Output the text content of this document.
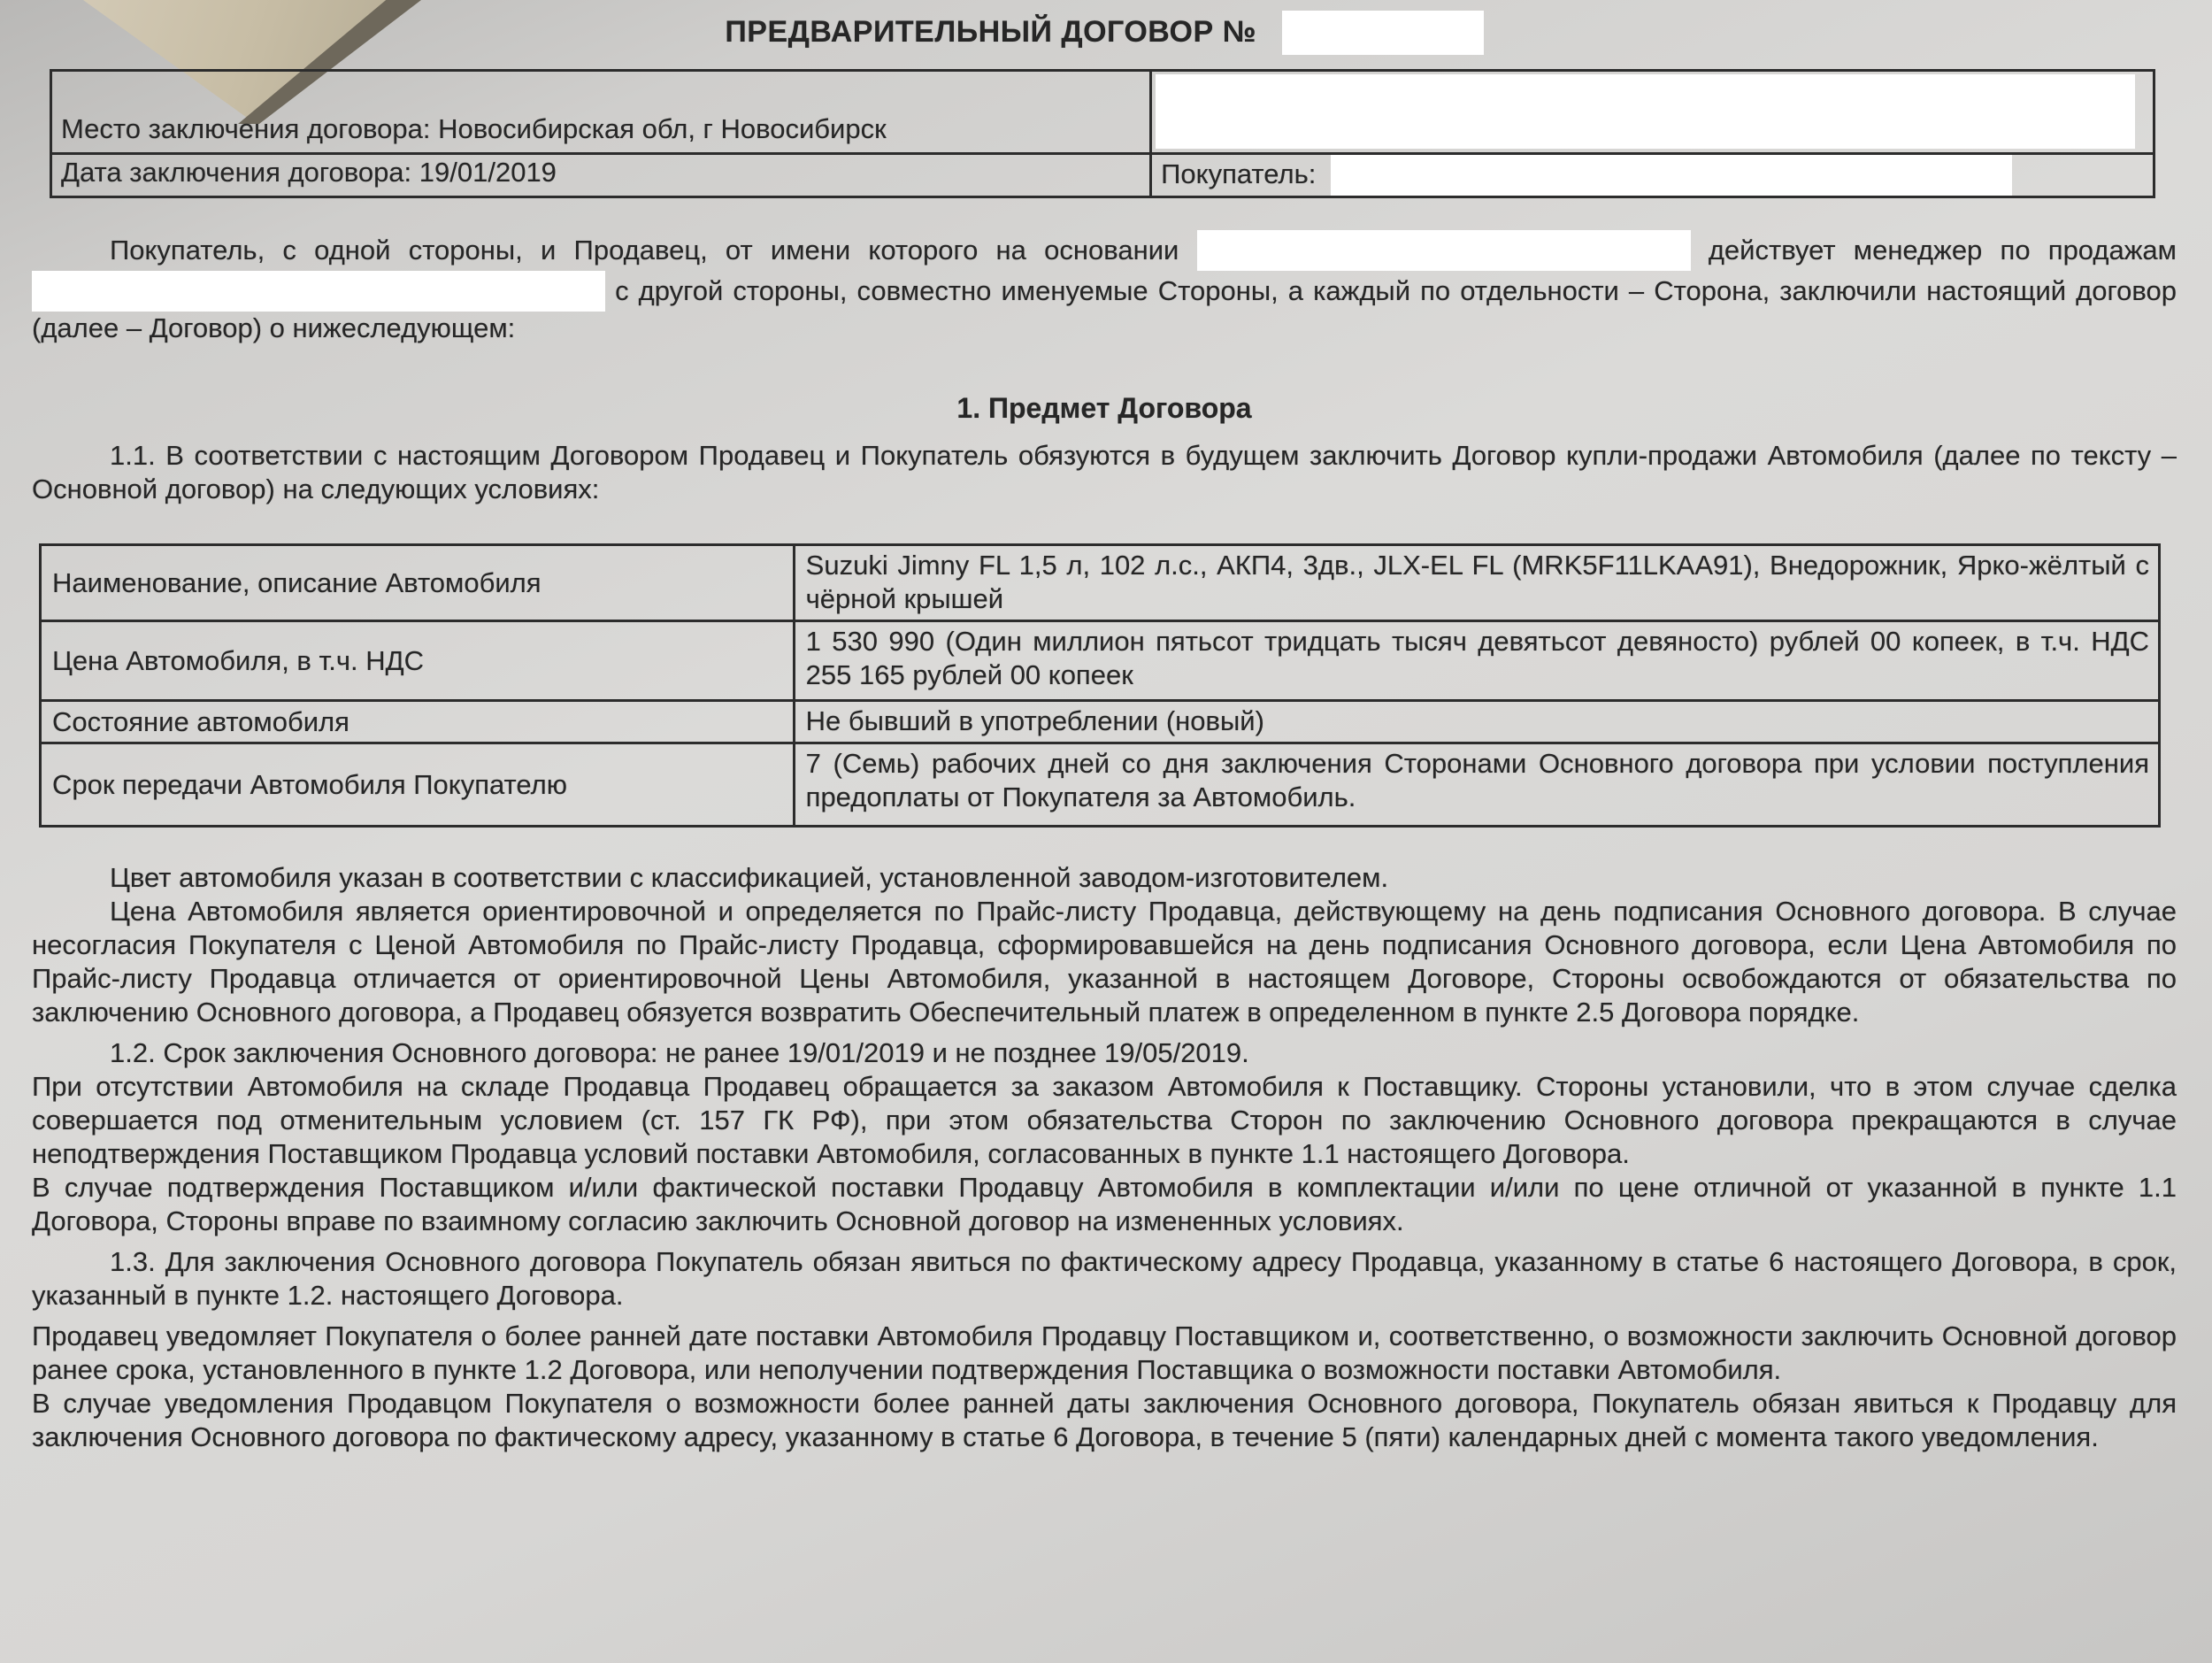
ПРЕДВАРИТЕЛЬНЫЙ ДОГОВОР №
Место заключения договора: Новосибирская обл, г Новосибирск	

Дата заключения договора: 19/01/2019	Покупатель:

Покупатель, с одной стороны, и Продавец, от имени которого на основании	действует менеджер по продажам  с другой стороны, совместно именуемые Стороны, а каждый по отдельности – Сторона, заключили настоящий договор (далее – Договор) о нижеследующем:

1. Предмет Договора

1.1. В соответствии с настоящим Договором Продавец и Покупатель обязуются в будущем заключить Договор купли-продажи Автомобиля (далее по тексту – Основной договор) на следующих условиях:

Наименование, описание Автомобиля	Suzuki Jimny FL 1,5 л, 102 л.с., АКП4, 3дв., JLX-EL FL (MRK5F11LKAA91), Внедорожник, Ярко-жёлтый с чёрной крышей
Цена Автомобиля, в т.ч. НДС	1 530 990 (Один миллион пятьсот тридцать тысяч девятьсот девяносто) рублей 00 копеек, в т.ч. НДС 255 165 рублей 00 копеек
Состояние автомобиля	Не бывший в употреблении (новый)
Срок передачи Автомобиля Покупателю	7 (Семь) рабочих дней со дня заключения Сторонами Основного договора при условии поступления предоплаты от Покупателя за Автомобиль.

Цвет автомобиля указан в соответствии с классификацией, установленной заводом-изготовителем.

Цена Автомобиля является ориентировочной и определяется по Прайс-листу Продавца, действующему на день подписания Основного договора. В случае несогласия Покупателя с Ценой Автомобиля по Прайс-листу Продавца, сформировавшейся на день подписания Основного договора, если Цена Автомобиля по Прайс-листу Продавца отличается от ориентировочной Цены Автомобиля, указанной в настоящем Договоре, Стороны освобождаются от обязательства по заключению Основного договора, а Продавец обязуется возвратить Обеспечительный платеж в определенном в пункте 2.5 Договора порядке.

1.2. Срок заключения Основного договора: не ранее 19/01/2019 и не позднее 19/05/2019.

При отсутствии Автомобиля на складе Продавца Продавец обращается за заказом Автомобиля к Поставщику. Стороны установили, что в этом случае сделка совершается под отменительным условием (ст. 157 ГК РФ), при этом обязательства Сторон по заключению Основного договора прекращаются в случае неподтверждения Поставщиком Продавца условий поставки Автомобиля, согласованных в пункте 1.1 настоящего Договора.

В случае подтверждения Поставщиком и/или фактической поставки Продавцу Автомобиля в комплектации и/или по цене отличной от указанной в пункте 1.1 Договора, Стороны вправе по взаимному согласию заключить Основной договор на измененных условиях.

1.3. Для заключения Основного договора Покупатель обязан явиться по фактическому адресу Продавца, указанному в статье 6 настоящего Договора, в срок, указанный в пункте 1.2. настоящего Договора.

Продавец уведомляет Покупателя о более ранней дате поставки Автомобиля Продавцу Поставщиком и, соответственно, о возможности заключить Основной договор ранее срока, установленного в пункте 1.2 Договора, или неполучении подтверждения Поставщика о возможности поставки Автомобиля.

В случае уведомления Продавцом Покупателя о возможности более ранней даты заключения Основного договора, Покупатель обязан явиться к Продавцу для заключения Основного договора по фактическому адресу, указанному в статье 6 Договора, в течение 5 (пяти) календарных дней с момента такого уведомления.
